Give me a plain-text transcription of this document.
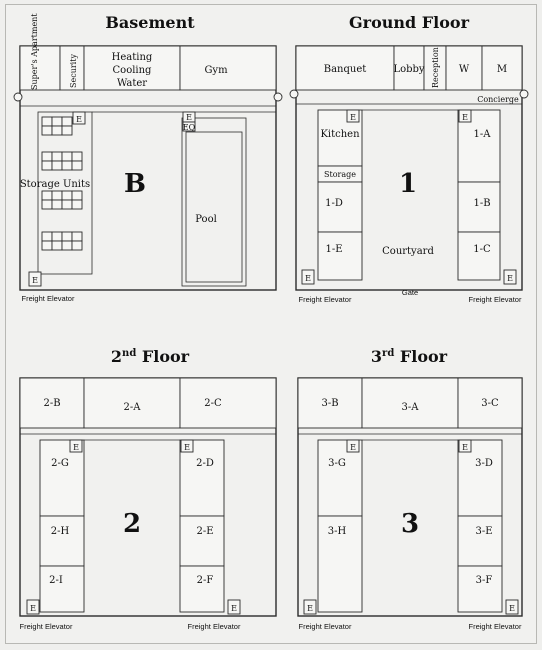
Basement
Super's Apartment	Security	Heating
Cooling
Water
Gym
Storage Units
E
E
E
EQ
Pool
B
Freight Elevator
Ground Floor
Banquet	Lobby Reception W	M
Concierge
E
Kitchen
Storage
1-D
1-E
E
1-A
1-B
1-C
1
Courtyard
E	E
Gate
Freight Elevator	Freight Elevator
2nd Floor
2-B	2-A	2-C
E
2-G
2-H
2-I
E
2-D
2-E
2-F
2
E	E
Freight Elevator	Freight Elevator
3rd Floor
3-B	3-A	3-C
E
3-G
3-H
E
3-D
3-E
3-F
3
E	E
Freight Elevator	Freight Elevator
